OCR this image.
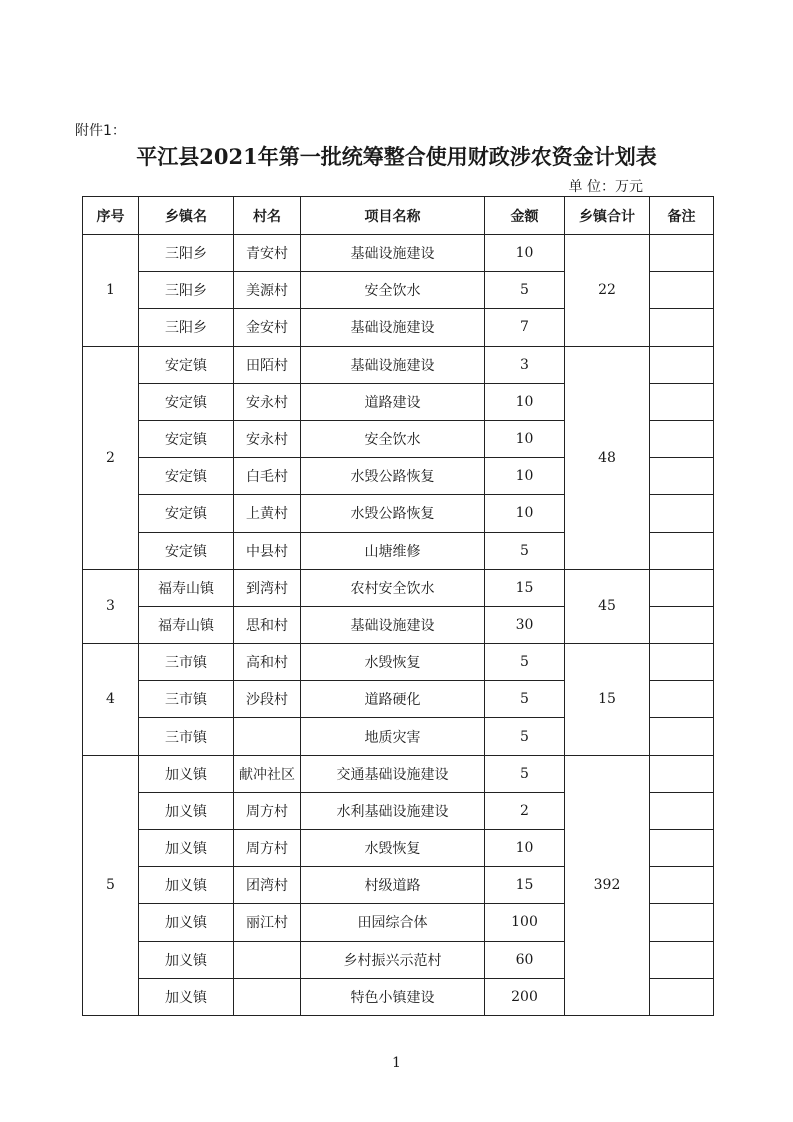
附件1：
平江县2021年第一批统筹整合使用财政涉农资金计划表
单 位：万元
序号	乡镇名	村名	项目名称	金额	乡镇合计	备注
1	三阳乡	青安村	基础设施建设	10	22	
	三阳乡	美源村	安全饮水	5		
	三阳乡	金安村	基础设施建设	7		
2	安定镇	田陌村	基础设施建设	3	48	
	安定镇	安永村	道路建设	10		
	安定镇	安永村	安全饮水	10		
	安定镇	白毛村	水毁公路恢复	10		
	安定镇	上黄村	水毁公路恢复	10		
	安定镇	中县村	山塘维修	5		
3	福寿山镇	到湾村	农村安全饮水	15	45	
	福寿山镇	思和村	基础设施建设	30		
4	三市镇	高和村	水毁恢复	5	15	
	三市镇	沙段村	道路硬化	5		
	三市镇		地质灾害	5		
5	加义镇	献冲社区	交通基础设施建设	5	392	
	加义镇	周方村	水利基础设施建设	2		
	加义镇	周方村	水毁恢复	10		
	加义镇	团湾村	村级道路	15		
	加义镇	丽江村	田园综合体	100		
	加义镇		乡村振兴示范村	60		
	加义镇		特色小镇建设	200		
1
